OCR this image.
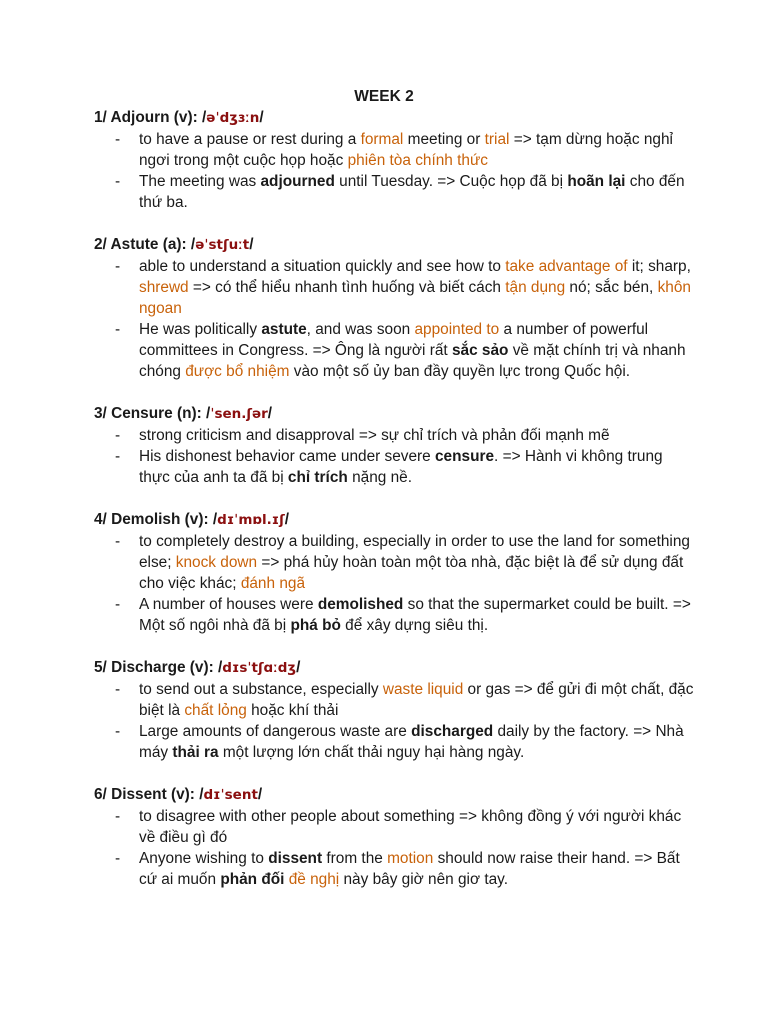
WEEK 2
1/ Adjourn (v): /əˈdʒɜːn/
- to have a pause or rest during a formal meeting or trial => tạm dừng hoặc nghỉ ngơi trong một cuộc họp hoặc phiên tòa chính thức
- The meeting was adjourned until Tuesday. => Cuộc họp đã bị hoãn lại cho đến thứ ba.
2/ Astute (a): /əˈstʃuːt/
- able to understand a situation quickly and see how to take advantage of it; sharp, shrewd => có thể hiểu nhanh tình huống và biết cách tận dụng nó; sắc bén, khôn ngoan
- He was politically astute, and was soon appointed to a number of powerful committees in Congress. => Ông là người rất sắc sảo về mặt chính trị và nhanh chóng được bổ nhiệm vào một số ủy ban đầy quyền lực trong Quốc hội.
3/ Censure (n): /ˈsen.ʃər/
- strong criticism and disapproval => sự chỉ trích và phản đối mạnh mẽ
- His dishonest behavior came under severe censure. => Hành vi không trung thực của anh ta đã bị chỉ trích nặng nề.
4/ Demolish (v): /dɪˈmɒl.ɪʃ/
- to completely destroy a building, especially in order to use the land for something else; knock down => phá hủy hoàn toàn một tòa nhà, đặc biệt là để sử dụng đất cho việc khác; đánh ngã
- A number of houses were demolished so that the supermarket could be built. => Một số ngôi nhà đã bị phá bỏ để xây dựng siêu thị.
5/ Discharge (v): /dɪsˈtʃɑːdʒ/
- to send out a substance, especially waste liquid or gas => để gửi đi một chất, đặc biệt là chất lỏng hoặc khí thải
- Large amounts of dangerous waste are discharged daily by the factory. => Nhà máy thải ra một lượng lớn chất thải nguy hại hàng ngày.
6/ Dissent (v): /dɪˈsent/
- to disagree with other people about something => không đồng ý với người khác về điều gì đó
- Anyone wishing to dissent from the motion should now raise their hand. => Bất cứ ai muốn phản đối đề nghị này bây giờ nên giơ tay.
